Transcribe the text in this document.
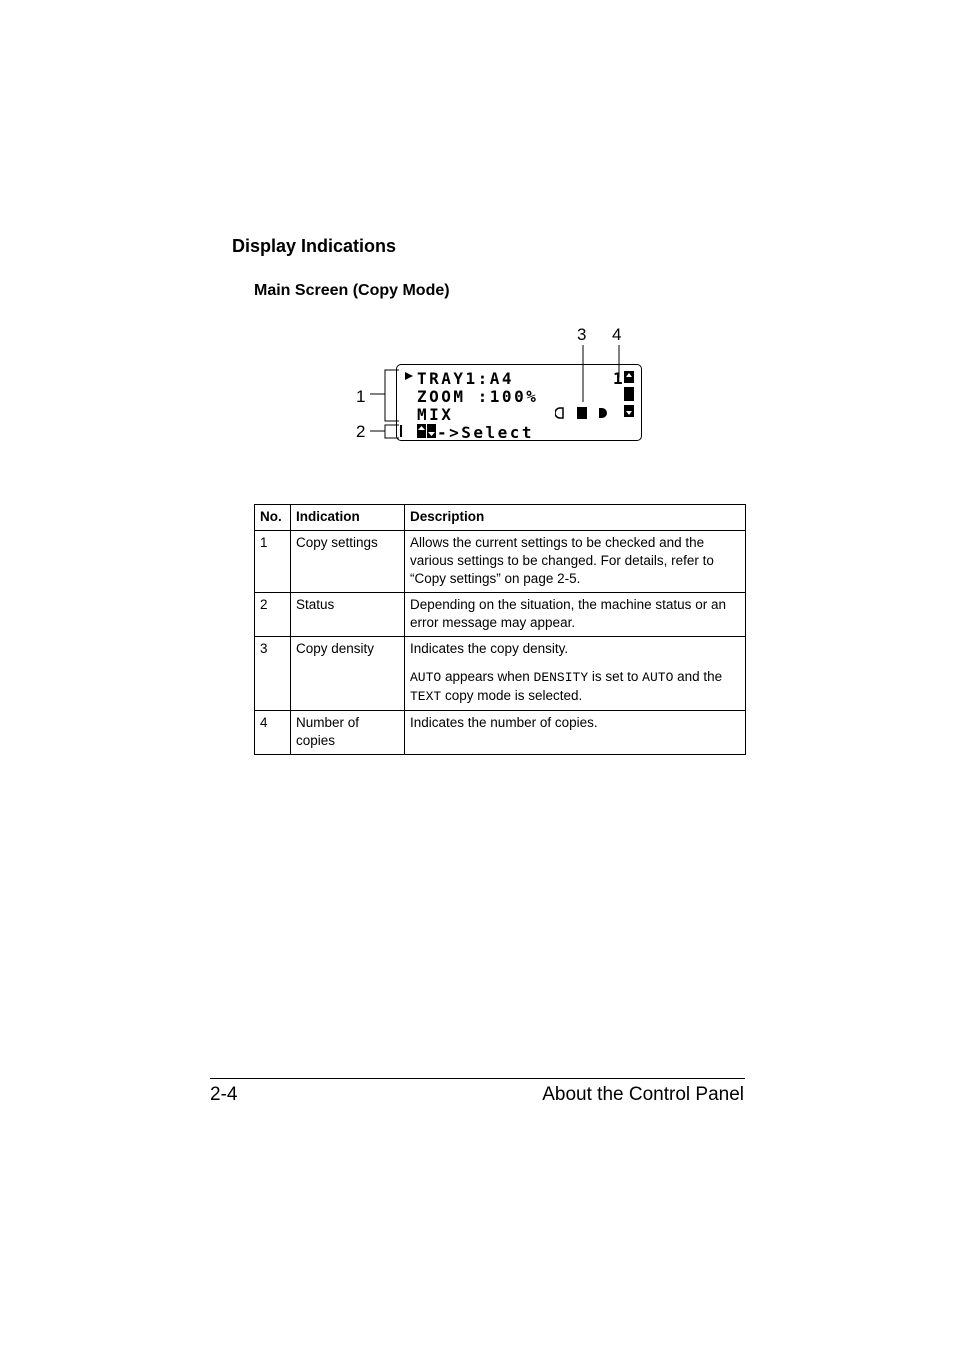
Display Indications
Main Screen (Copy Mode)
3 4
1
2
TRAY1:A4
ZOOM :100%
MIX
->Select
1
No.	Indication	Description
1	Copy settings	Allows the current settings to be checked and the various settings to be changed. For details, refer to “Copy settings” on page 2-5.
2	Status	Depending on the situation, the machine status or an error message may appear.
3	Copy density	Indicates the copy density.
AUTO appears when DENSITY is set to AUTO and the TEXT copy mode is selected.

4	Number of copies	Indicates the number of copies.
2-4	About the Control Panel
